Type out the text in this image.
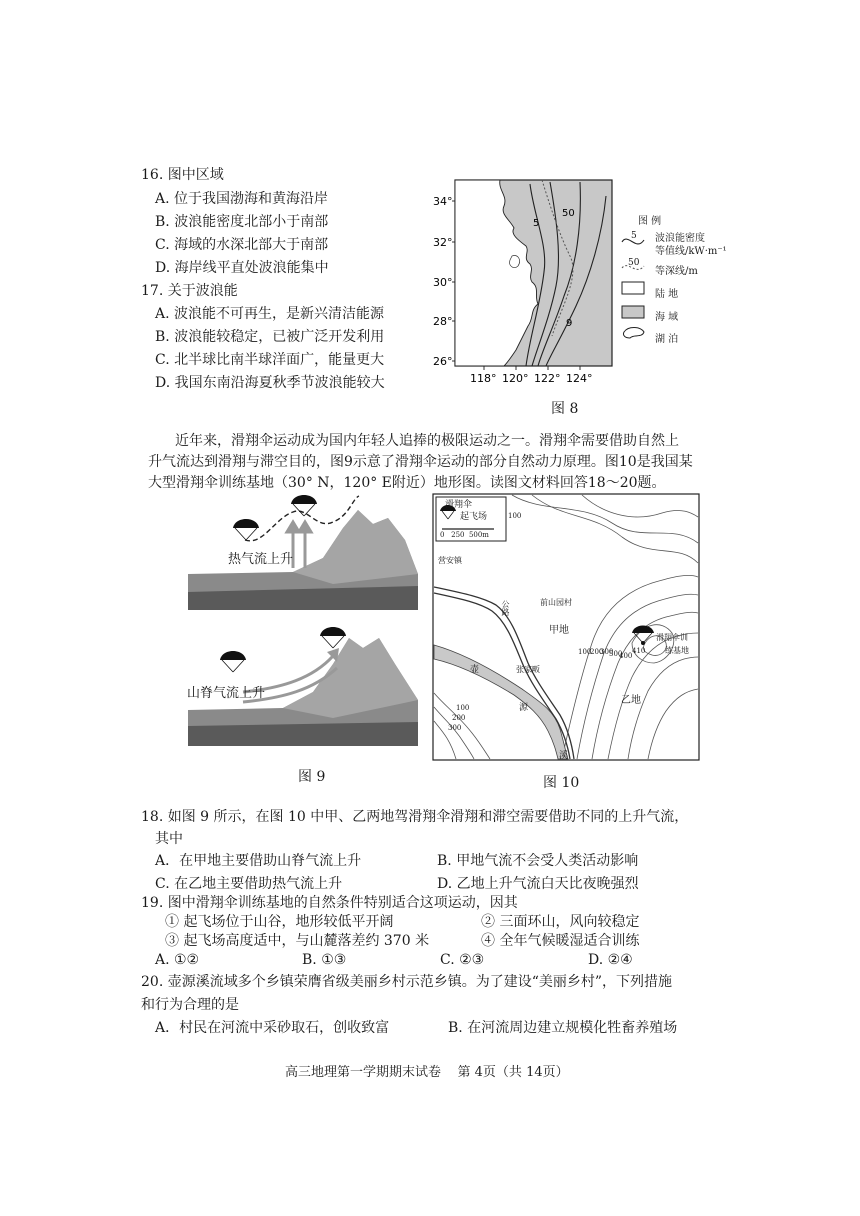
16. 图中区域
A. 位于我国渤海和黄海沿岸
B. 波浪能密度北部小于南部
C. 海域的水深北部大于南部
D. 海岸线平直处波浪能集中
17. 关于波浪能
A. 波浪能不可再生，是新兴清洁能源
B. 波浪能较稳定，已被广泛开发利用
C. 北半球比南半球洋面广，能量更大
D. 我国东南沿海夏秋季节波浪能较大
34°
32°
30°
28°
26°
5
50
9
118° 120° 122° 124°
图 例
5 波浪能密度
等值线/kW·m⁻¹
50
等深线/m
陆 地
海 域
湖 泊
图 8
近年来，滑翔伞运动成为国内年轻人追捧的极限运动之一。滑翔伞需要借助自然上
升气流达到滑翔与滞空目的，图9示意了滑翔伞运动的部分自然动力原理。图10是我国某
大型滑翔伞训练基地（30° N，120° E附近）地形图。读图文材料回答18～20题。
热气流上升
山脊气流上升
图 9
滑翔伞
起飞场
0   250  500m
营安镇
公路	前山园村
甲地
张家畈
壶
源
溪
乙地
滑翔伞训
练基地
410
100
100
200
300 400
500
100
200
300
图 10
18. 如图 9 所示，在图 10 中甲、乙两地驾滑翔伞滑翔和滞空需要借助不同的上升气流，
其中
A．在甲地主要借助山脊气流上升	B. 甲地气流不会受人类活动影响
C. 在乙地主要借助热气流上升	D. 乙地上升气流白天比夜晚强烈
19. 图中滑翔伞训练基地的自然条件特别适合这项运动，因其
① 起飞场位于山谷，地形较低平开阔	② 三面环山，风向较稳定
③ 起飞场高度适中，与山麓落差约 370 米	④ 全年气候暖湿适合训练
A. ①②	B. ①③	C. ②③	D. ②④
20. 壶源溪流域多个乡镇荣膺省级美丽乡村示范乡镇。为了建设“美丽乡村”，下列措施
和行为合理的是
A．村民在河流中采砂取石，创收致富	B. 在河流周边建立规模化牲畜养殖场
高三地理第一学期期末试卷    第 4页（共 14页）
